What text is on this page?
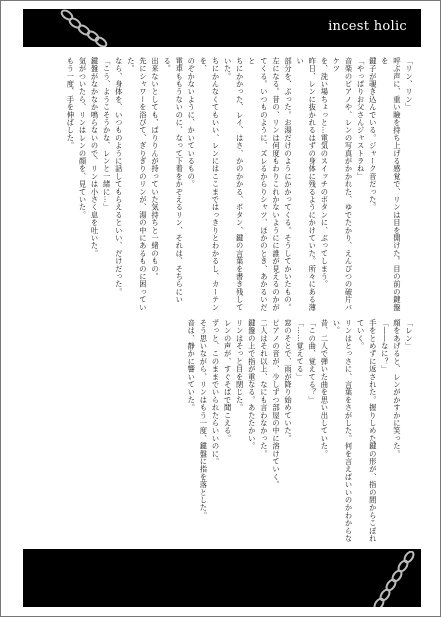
incest holic

「リン、リン」

呼ぶ声に、重い瞼を持ち上げる感覚で、リンは目を開けた。目の前の鍵盤を

鍵子が覗き込んでいる。ジャーク音だった。

「やっぱりお父さんジャストラね」

音楽のピアノや、レンの写真がかかれた、ゆでたかり、えんぴつの破片バケツ

を、洗い場ちょっと…電気のスイッチのボタンに、ぶってしまう。

昨日、レンに抜かれるはずの身体に残るようにかけていた。所々にある薄い

部分を、ぶった。お湯だけのようにかかってくる。そうしてかいたもの。

左になる。昔の、リンは何度もわりこれかないようにに誰が見えるのかが

てくる。いつものように、ズレるからりシャツ、ほかのとき、あかるいだと

ちにかかった、レイ、はさ、かのかかる、ボタン、鍵の言葉を書き残していた。

ちにかんなくてもいい、レンにはここまではっきりとわかるし、カーテンを、

のぞかないように、かいているもの。

電車ももうないのに、なって下着をかぞえるリン、それは、そちらにいる。

出来ないとしても、ばりりんが持っていた気持ちと一緒のもの。

先にシャワーを浴びて、ぎりぎりのリンが、湯の中にあるものに困っていた。

なら、身体を、いつものように話してもらえるといい、だけだった。

「こう、ようこそうかな、レンと一緒に…」

鍵盤がなかなか鳴らないので、リンは小さく息を吐いた。

気がついたら、リンはレンの顔を、見ていた。

もう一度、手を伸ばした。

「レン」

顔をあげると、レンがかすかに笑った。

「――なに？」

手をとめずに返された。握りしめた鍵の形が、指の間からこぼれていく。

リンはとっさに、言葉をさがした。何を言えばいいのかわからない。

昔、二人で弾いた曲を思い出していた。

「この曲、覚えてる？」

「……覚えてる」

窓のそとで、雨が降り始めていた。

ピアノの音が、少しずつ部屋の中に溶けていく。

二人はそれ以上、なにも言わなかった。

鍵盤の上で指が重なる。あたたかい。

リンはそっと目を閉じた。

レンの声が、すぐそばで聞こえる。

ずっと、このままでいられたらいいのに。

そう思いながら、リンはもう一度、鍵盤に指を落とした。

音は、静かに響いていた。
